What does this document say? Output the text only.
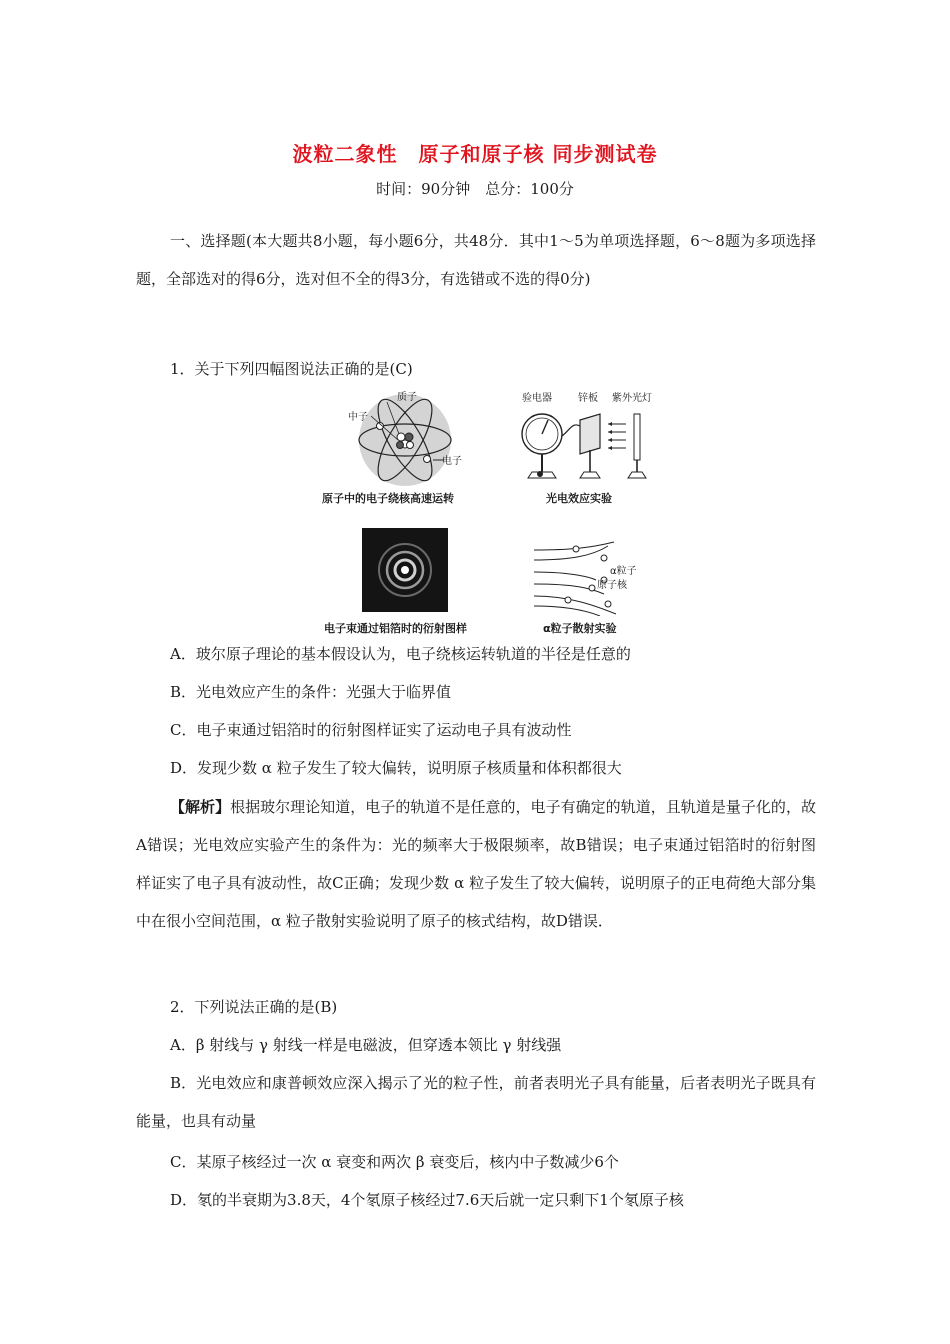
波粒二象性　原子和原子核 同步测试卷
时间：90分钟　总分：100分
一、选择题(本大题共8小题，每小题6分，共48分．其中1～5为单项选择题，6～8题为多项选择题，全部选对的得6分，选对但不全的得3分，有选错或不选的得0分)
1．关于下列四幅图说法正确的是(C)
质子
中子
电子
原子中的电子绕核高速运转
验电器	锌板 紫外光灯
光电效应实验
电子束通过铝箔时的衍射图样
α粒子
原子核
α粒子散射实验
A．玻尔原子理论的基本假设认为，电子绕核运转轨道的半径是任意的
B．光电效应产生的条件：光强大于临界值
C．电子束通过铝箔时的衍射图样证实了运动电子具有波动性
D．发现少数 α 粒子发生了较大偏转，说明原子核质量和体积都很大
【解析】根据玻尔理论知道，电子的轨道不是任意的，电子有确定的轨道，且轨道是量子化的，故A错误；光电效应实验产生的条件为：光的频率大于极限频率，故B错误；电子束通过铝箔时的衍射图样证实了电子具有波动性，故C正确；发现少数 α 粒子发生了较大偏转，说明原子的正电荷绝大部分集中在很小空间范围，α 粒子散射实验说明了原子的核式结构，故D错误．
2．下列说法正确的是(B)
A．β 射线与 γ 射线一样是电磁波，但穿透本领比 γ 射线强
B．光电效应和康普顿效应深入揭示了光的粒子性，前者表明光子具有能量，后者表明光子既具有能量，也具有动量
C．某原子核经过一次 α 衰变和两次 β 衰变后，核内中子数减少6个
D．氡的半衰期为3.8天，4个氡原子核经过7.6天后就一定只剩下1个氡原子核
